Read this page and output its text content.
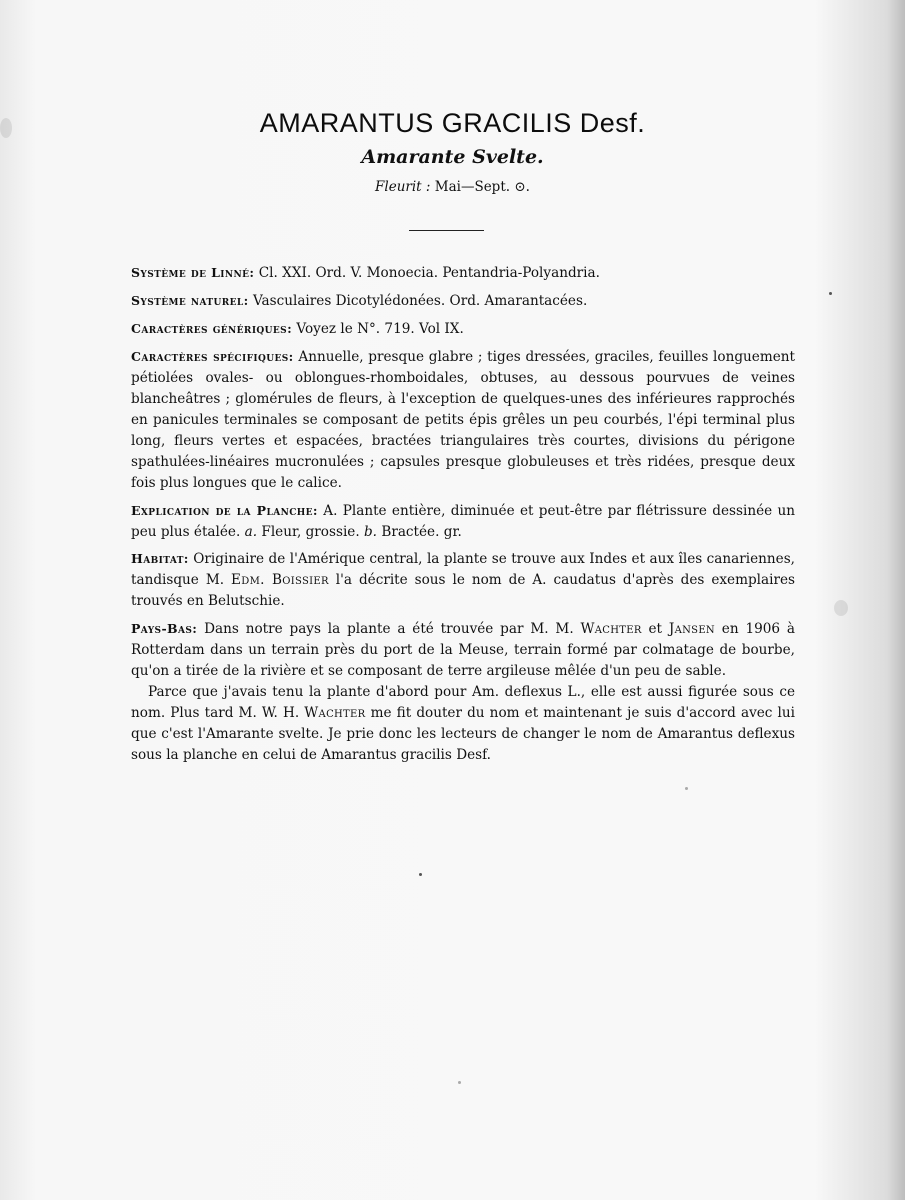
AMARANTUS GRACILIS Desf.
Amarante Svelte.
Fleurit : Mai—Sept. ⊙.

Système de Linné: Cl. XXI. Ord. V. Monoecia. Pentandria-Polyandria.

Système naturel: Vasculaires Dicotylédonées. Ord. Amarantacées.

Caractères génériques: Voyez le N°. 719. Vol IX.

Caractères spécifiques: Annuelle, presque glabre ; tiges dressées, graciles, feuilles longuement pétiolées ovales- ou oblongues-rhomboidales, obtuses, au dessous pourvues de veines blancheâtres ; glomérules de fleurs, à l'exception de quelques-unes des inférieures rapprochés en panicules terminales se composant de petits épis grêles un peu courbés, l'épi terminal plus long, fleurs vertes et espacées, bractées triangulaires très courtes, divisions du périgone spathulées-linéaires mucronulées ; capsules presque globuleuses et très ridées, presque deux fois plus longues que le calice.

Explication de la Planche: A. Plante entière, diminuée et peut-être par flétrissure dessinée un peu plus étalée. a. Fleur, grossie. b. Bractée. gr.

Habitat: Originaire de l'Amérique central, la plante se trouve aux Indes et aux îles canariennes, tandisque M. Edm. Boissier l'a décrite sous le nom de A. caudatus d'après des exemplaires trouvés en Belutschie.

Pays-Bas: Dans notre pays la plante a été trouvée par M. M. Wachter et Jansen en 1906 à Rotterdam dans un terrain près du port de la Meuse, terrain formé par colmatage de bourbe, qu'on a tirée de la rivière et se composant de terre argileuse mêlée d'un peu de sable.

Parce que j'avais tenu la plante d'abord pour Am. deflexus L., elle est aussi figurée sous ce nom. Plus tard M. W. H. Wachter me fit douter du nom et maintenant je suis d'accord avec lui que c'est l'Amarante svelte. Je prie donc les lecteurs de changer le nom de Amarantus deflexus sous la planche en celui de Amarantus gracilis Desf.
